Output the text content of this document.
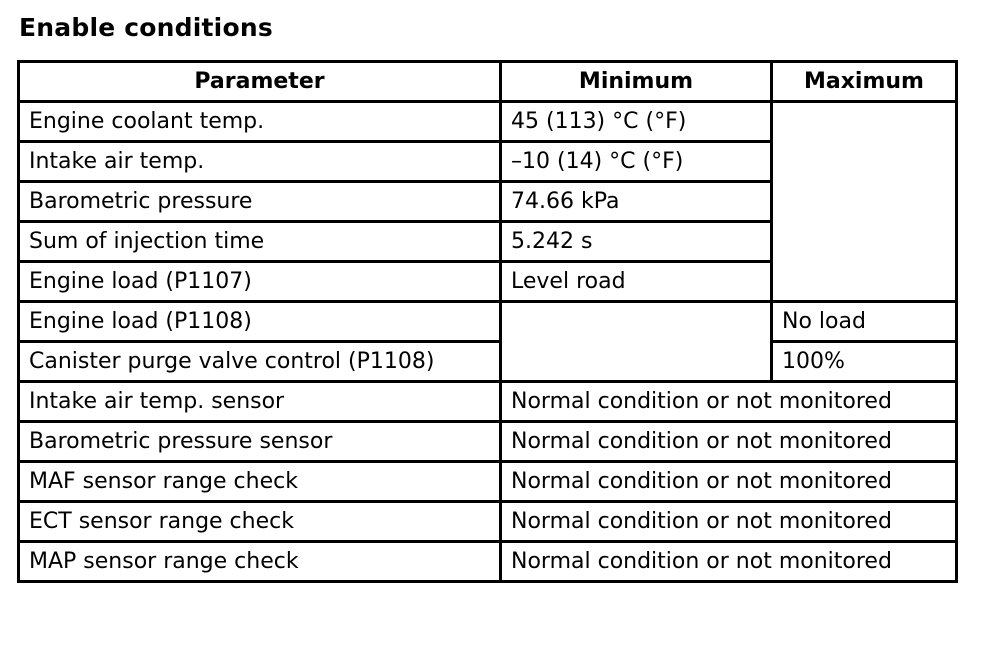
Enable conditions
Parameter	Minimum	Maximum
Engine coolant temp.	45 (113) °C (°F)	
Intake air temp.	–10 (14) °C (°F)	
Barometric pressure	74.66 kPa	
Sum of injection time	5.242 s	
Engine load (P1107)	Level road	
Engine load (P1108)		No load
Canister purge valve control (P1108)		100%
Intake air temp. sensor	Normal condition or not monitored	
Barometric pressure sensor	Normal condition or not monitored	
MAF sensor range check	Normal condition or not monitored	
ECT sensor range check	Normal condition or not monitored	
MAP sensor range check	Normal condition or not monitored	
